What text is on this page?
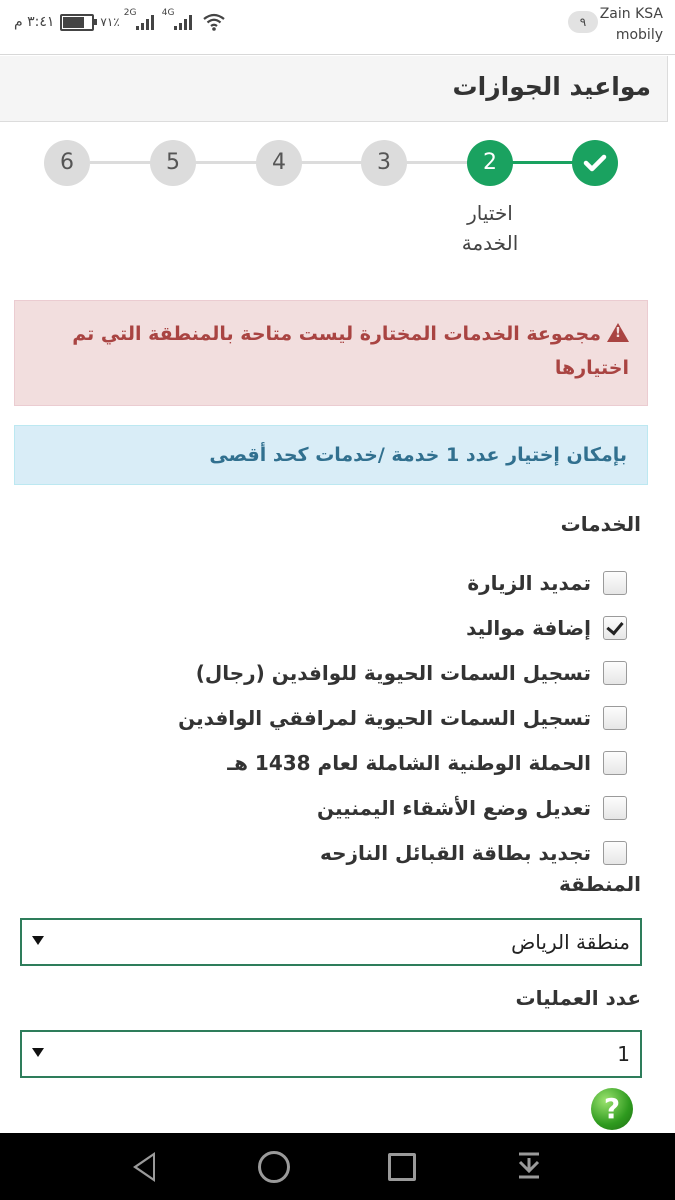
٣:٤١ م	٧١٪
2G	4G
٩ Zain KSA
mobily
مواعيد الجوازات
6	5	4	3	2
اختيار الخدمة
!مجموعة الخدمات المختارة ليست متاحة بالمنطقة التي تم اختيارها
بإمكان إختيار عدد 1 خدمة /خدمات كحد أقصى
الخدمات
تمديد الزيارة
إضافة مواليد
تسجيل السمات الحيوية للوافدين (رجال)
تسجيل السمات الحيوية لمرافقي الوافدين
الحملة الوطنية الشاملة لعام 1438 هـ
تعديل وضع الأشقاء اليمنيين
تجديد بطاقة القبائل النازحه
المنطقة
منطقة الرياض
عدد العمليات
1
?
